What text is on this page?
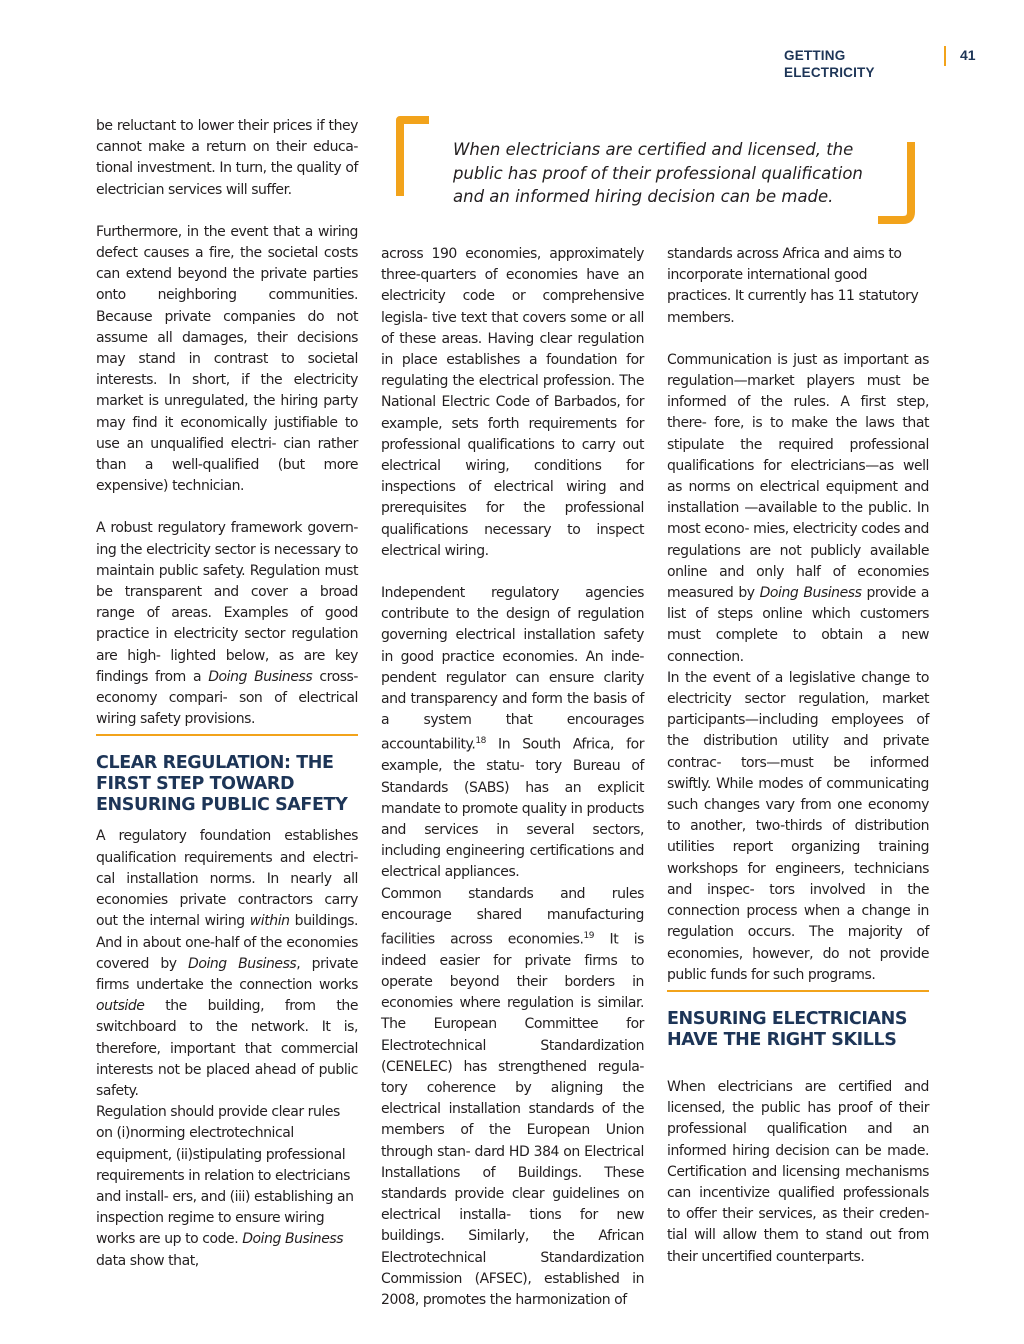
GETTING
ELECTRICITY
41

When electricians are certified and licensed, the public has proof of their professional qualification and an informed hiring decision can be made.

be reluctant to lower their prices if they cannot make a return on their educa- tional investment. In turn, the quality of electrician services will suffer.

Furthermore, in the event that a wiring defect causes a fire, the societal costs can extend beyond the private parties onto neighboring communities. Because private companies do not assume all damages, their decisions may stand in contrast to societal interests. In short, if the electricity market is unregulated, the hiring party may find it economically justifiable to use an unqualified electri- cian rather than a well-qualified (but more expensive) technician.

A robust regulatory framework govern- ing the electricity sector is necessary to maintain public safety. Regulation must be transparent and cover a broad range of areas. Examples of good practice in electricity sector regulation are high- lighted below, as are key findings from a Doing Business cross- economy compari- son of electrical wiring safety provisions.

CLEAR REGULATION: THE FIRST STEP TOWARD ENSURING PUBLIC SAFETY

A regulatory foundation establishes qualification requirements and electri- cal installation norms. In nearly all economies private contractors carry out the internal wiring within buildings. And in about one-half of the economies covered by Doing Business, private firms undertake the connection works outside the building, from the switchboard to the network. It is, therefore, important that commercial interests not be placed ahead of public safety.

Regulation should provide clear rules on (i)norming electrotechnical equipment, (ii)stipulating professional requirements in relation to electricians and install- ers, and (iii) establishing an inspection regime to ensure wiring works are up to code. Doing Business data show that,

across 190 economies, approximately three-quarters of economies have an electricity code or comprehensive legisla- tive text that covers some or all of these areas. Having clear regulation in place establishes a foundation for regulating the electrical profession. The National Electric Code of Barbados, for example, sets forth requirements for professional qualifications to carry out electrical wiring, conditions for inspections of electrical wiring and prerequisites for the professional qualifications necessary to inspect electrical wiring.

Independent regulatory agencies contribute to the design of regulation governing electrical installation safety in good practice economies. An inde- pendent regulator can ensure clarity and transparency and form the basis of a system that encourages accountability.$^{18}$ In South Africa, for example, the statu- tory Bureau of Standards (SABS) has an explicit mandate to promote quality in products and services in several sectors, including engineering certifications and electrical appliances.

Common standards and rules encourage shared manufacturing facilities across economies.$^{19}$ It is indeed easier for private firms to operate beyond their borders in economies where regulation is similar. The European Committee for Electrotechnical Standardization (CENELEC) has strengthened regula- tory coherence by aligning the electrical installation standards of the members of the European Union through stan- dard HD 384 on Electrical Installations of Buildings. These standards provide clear guidelines on electrical installa- tions for new buildings. Similarly, the African Electrotechnical Standardization Commission (AFSEC), established in 2008, promotes the harmonization of

standards across Africa and aims to incorporate international good practices. It currently has 11 statutory members.

Communication is just as important as regulation—market players must be informed of the rules. A first step, there- fore, is to make the laws that stipulate the required professional qualifications for electricians—as well as norms on electrical equipment and installation —available to the public. In most econo- mies, electricity codes and regulations are not publicly available online and only half of economies measured by Doing Business provide a list of steps online which customers must complete to obtain a new connection.

In the event of a legislative change to electricity sector regulation, market participants—including employees of the distribution utility and private contrac- tors—must be informed swiftly. While modes of communicating such changes vary from one economy to another, two-thirds of distribution utilities report organizing training workshops for engineers, technicians and inspec- tors involved in the connection process when a change in regulation occurs. The majority of economies, however, do not provide public funds for such programs.

ENSURING ELECTRICIANS HAVE THE RIGHT SKILLS

When electricians are certified and licensed, the public has proof of their professional qualification and an informed hiring decision can be made. Certification and licensing mechanisms can incentivize qualified professionals to offer their services, as their creden- tial will allow them to stand out from their uncertified counterparts.
